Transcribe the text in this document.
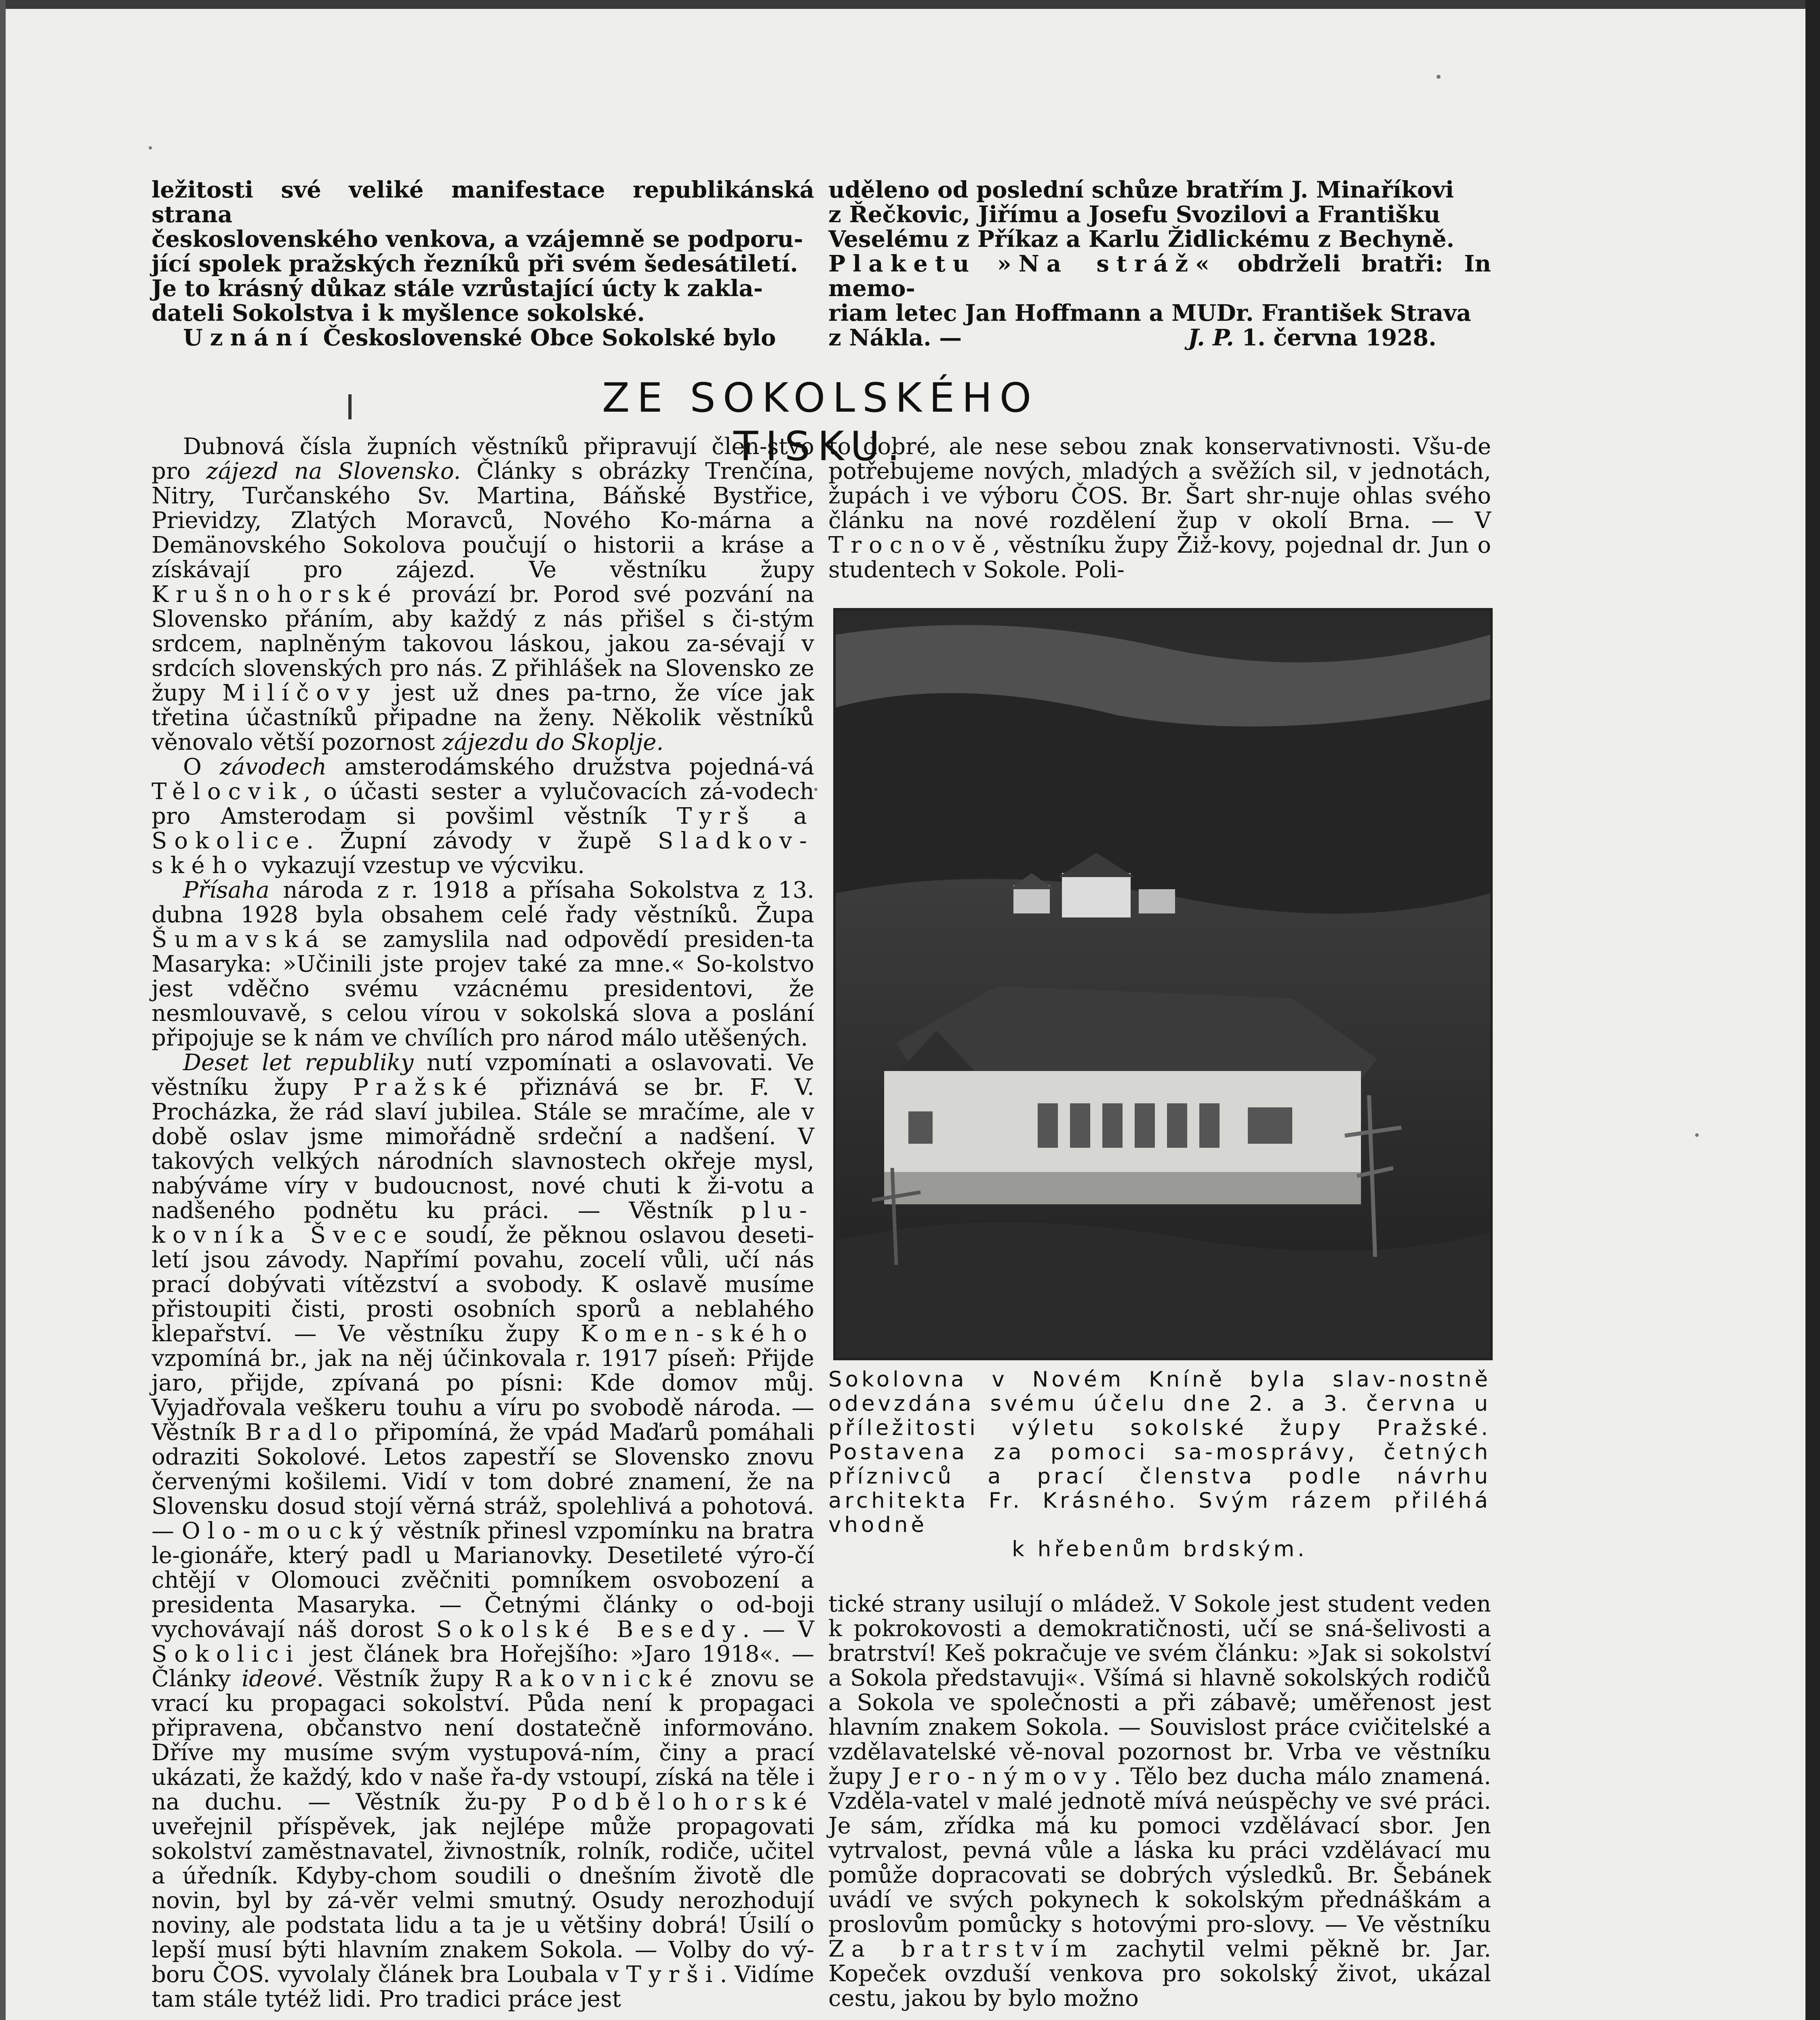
ležitosti své veliké manifestace republikánská strana

československého venkova, a vzájemně se podporu-

jící spolek pražských řezníků při svém šedesátiletí.

Je to krásný důkaz stále vzrůstající úcty k zakla-

dateli Sokolstva i k myšlence sokolské.

Uznání Československé Obce Sokolské bylo

uděleno od poslední schůze bratřím J. Minaříkovi

z Řečkovic, Jiřímu a Josefu Svozilovi a Františku

Veselému z Příkaz a Karlu Židlickému z Bechyně.

Plaketu »Na stráž« obdrželi bratři: In memo-

riam letec Jan Hoffmann a MUDr. František Strava

z Nákla. —	J. P. 1. června 1928.

ZE SOKOLSKÉHO TISKU.

Dubnová čísla župních věstníků připravují člen-stvo pro zájezd na Slovensko. Články s obrázky Trenčína, Nitry, Turčanského Sv. Martina, Báňské Bystřice, Prievidzy, Zlatých Moravců, Nového Ko-márna a Demänovského Sokolova poučují o historii a kráse a získávají pro zájezd. Ve věstníku župy Krušnohorské provází br. Porod své pozvání na Slovensko přáním, aby každý z nás přišel s či-stým srdcem, naplněným takovou láskou, jakou za-sévají v srdcích slovenských pro nás. Z přihlášek na Slovensko ze župy Milíčovy jest už dnes pa-trno, že více jak třetina účastníků připadne na ženy. Několik věstníků věnovalo větší pozornost zájezdu do Skoplje.

O závodech amsterodámského družstva pojedná-vá Tělocvik, o účasti sester a vylučovacích zá-vodech pro Amsterodam si povšiml věstník Tyrš a Sokolice. Župní závody v župě Sladkov-ského vykazují vzestup ve výcviku.

Přísaha národa z r. 1918 a přísaha Sokolstva z 13. dubna 1928 byla obsahem celé řady věstníků. Župa Šumavská se zamyslila nad odpovědí presiden-ta Masaryka: »Učinili jste projev také za mne.« So-kolstvo jest vděčno svému vzácnému presidentovi, že nesmlouvavě, s celou vírou v sokolská slova a poslání připojuje se k nám ve chvílích pro národ málo utěšených.

Deset let republiky nutí vzpomínati a oslavovati. Ve věstníku župy Pražské přiznává se br. F. V. Procházka, že rád slaví jubilea. Stále se mračíme, ale v době oslav jsme mimořádně srdeční a nadšení. V takových velkých národních slavnostech okřeje mysl, nabýváme víry v budoucnost, nové chuti k ži-votu a nadšeného podnětu ku práci. — Věstník plu-kovníka Švece soudí, že pěknou oslavou deseti-letí jsou závody. Napřímí povahu, zocelí vůli, učí nás prací dobývati vítězství a svobody. K oslavě musíme přistoupiti čisti, prosti osobních sporů a neblahého klepařství. — Ve věstníku župy Komen-ského vzpomíná br., jak na něj účinkovala r. 1917 píseň: Přijde jaro, přijde, zpívaná po písni: Kde domov můj. Vyjadřovala veškeru touhu a víru po svobodě národa. — Věstník Bradlo připomíná, že vpád Maďarů pomáhali odraziti Sokolové. Letos zapestří se Slovensko znovu červenými košilemi. Vidí v tom dobré znamení, že na Slovensku dosud stojí věrná stráž, spolehlivá a pohotová. — Olo-moucký věstník přinesl vzpomínku na bratra le-gionáře, který padl u Marianovky. Desetileté výro-čí chtějí v Olomouci zvěčniti pomníkem osvobození a presidenta Masaryka. — Četnými články o od-boji vychovávají náš dorost Sokolské Besedy. — V Sokolici jest článek bra Hořejšího: »Jaro 1918«. — Články ideové. Věstník župy Rakovnické znovu se vrací ku propagaci sokolství. Půda není k propagaci připravena, občanstvo není dostatečně informováno. Dříve my musíme svým vystupová-ním, činy a prací ukázati, že každý, kdo v naše řa-dy vstoupí, získá na těle i na duchu. — Věstník žu-py Podbělohorské uveřejnil příspěvek, jak nejlépe může propagovati sokolství zaměstnavatel, živnostník, rolník, rodiče, učitel a úředník. Kdyby-chom soudili o dnešním životě dle novin, byl by zá-věr velmi smutný. Osudy nerozhodují noviny, ale podstata lidu a ta je u většiny dobrá! Úsilí o lepší musí býti hlavním znakem Sokola. — Volby do vý-boru ČOS. vyvolaly článek bra Loubala v Tyrši. Vidíme tam stále tytéž lidi. Pro tradici práce jest

to dobré, ale nese sebou znak konservativnosti. Všu-de potřebujeme nových, mladých a svěžích sil, v jednotách, župách i ve výboru ČOS. Br. Šart shr-nuje ohlas svého článku na nové rozdělení žup v okolí Brna. — V Trocnově, věstníku župy Žiž-kovy, pojednal dr. Jun o studentech v Sokole. Poli-

Sokolovna v Novém Kníně byla slav-nostně odevzdána svému účelu dne 2. a 3. června u příležitosti výletu sokolské župy Pražské. Postavena za pomoci sa-mosprávy, četných příznivců a prací členstva podle návrhu architekta Fr. Krásného. Svým rázem přiléhá vhodně

k hřebenům brdským.

tické strany usilují o mládež. V Sokole jest student veden k pokrokovosti a demokratičnosti, učí se sná-šelivosti a bratrství! Keš pokračuje ve svém článku: »Jak si sokolství a Sokola představuji«. Všímá si hlavně sokolských rodičů a Sokola ve společnosti a při zábavě; uměřenost jest hlavním znakem Sokola. — Souvislost práce cvičitelské a vzdělavatelské vě-noval pozornost br. Vrba ve věstníku župy Jero-nýmovy. Tělo bez ducha málo znamená. Vzděla-vatel v malé jednotě mívá neúspěchy ve své práci. Je sám, zřídka má ku pomoci vzdělávací sbor. Jen vytrvalost, pevná vůle a láska ku práci vzdělávací mu pomůže dopracovati se dobrých výsledků. Br. Šebánek uvádí ve svých pokynech k sokolským přednáškám a proslovům pomůcky s hotovými pro-slovy. — Ve věstníku Za bratrstvím zachytil velmi pěkně br. Jar. Kopeček ovzduší venkova pro sokolský život, ukázal cestu, jakou by bylo možno
